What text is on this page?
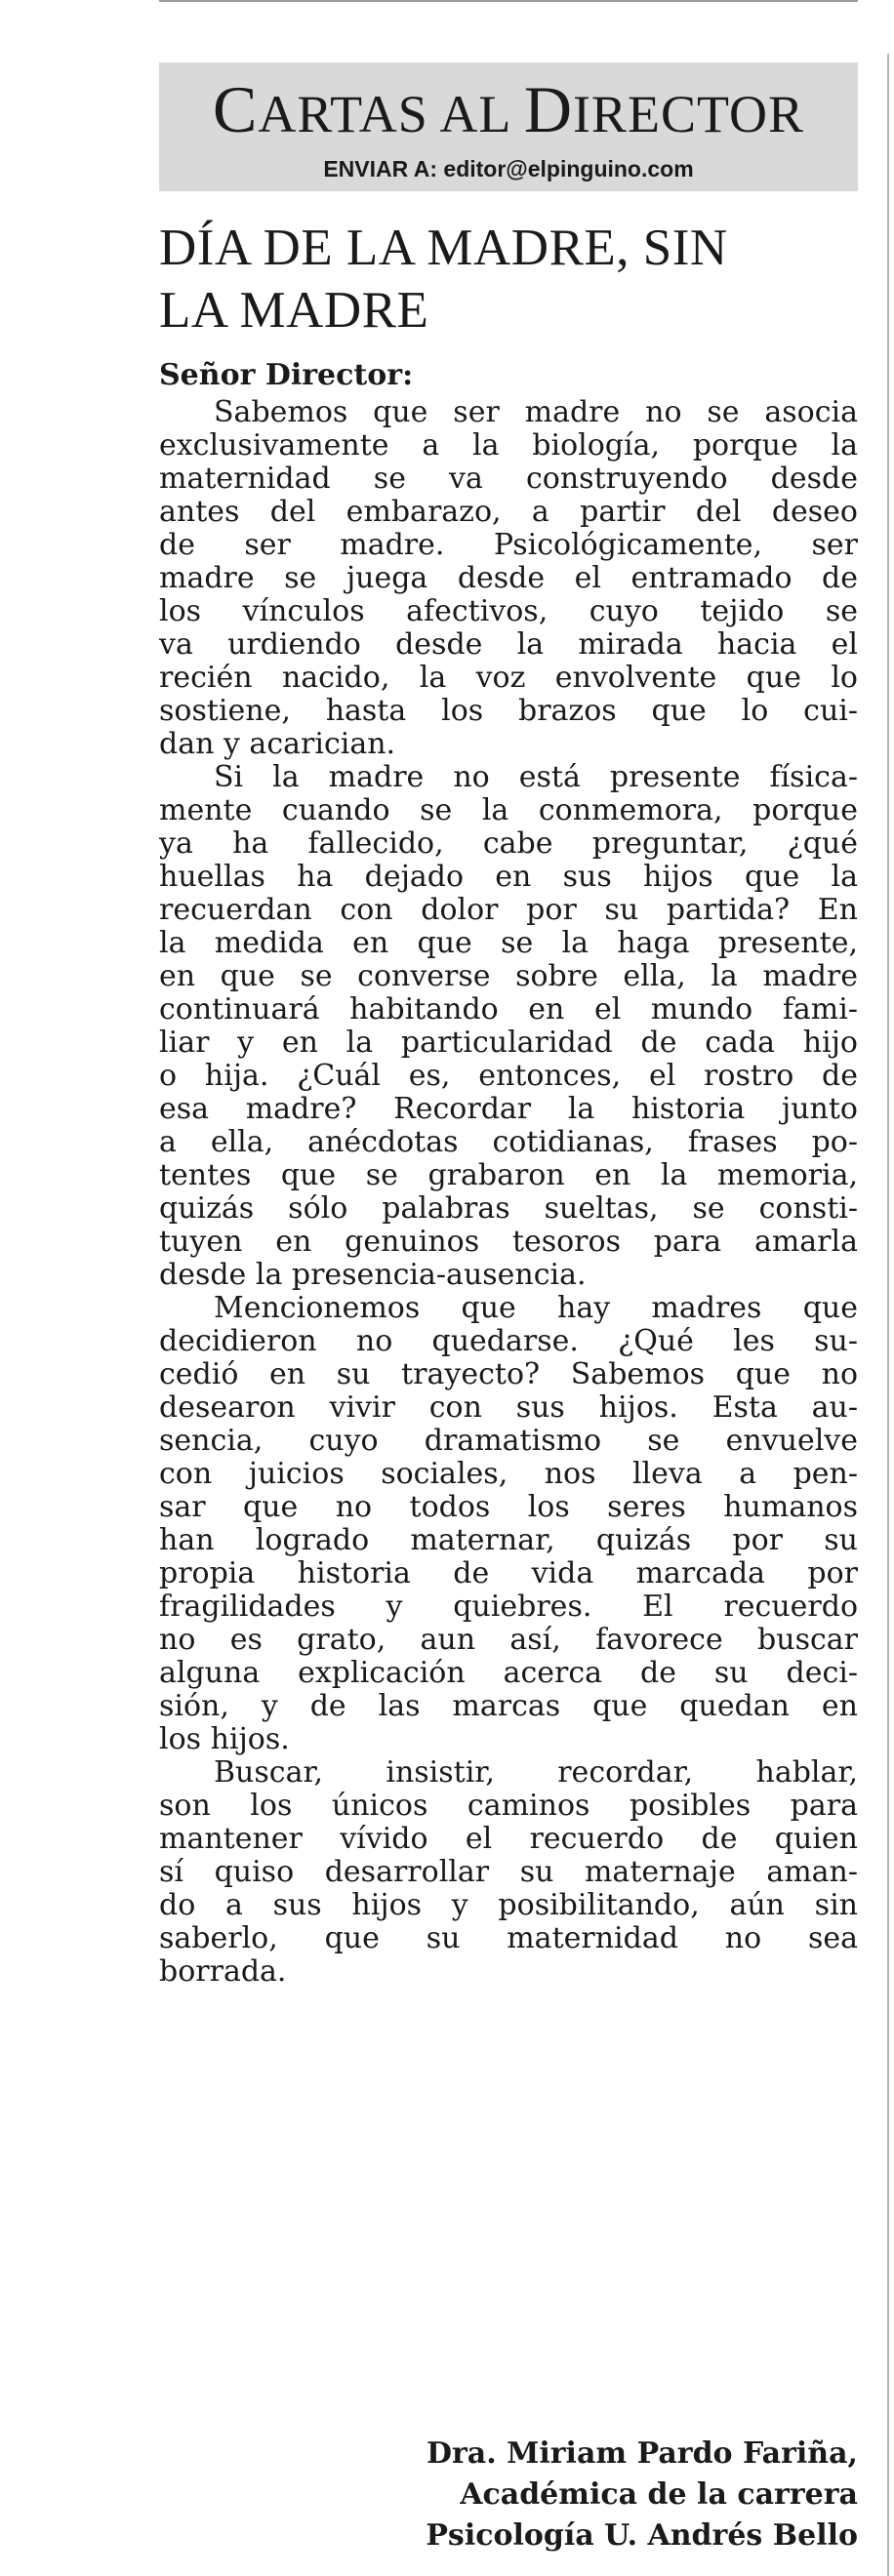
CARTAS AL DIRECTOR
ENVIAR A: editor@elpinguino.com
DÍA DE LA MADRE, SIN
LA MADRE
Señor Director:

Sabemos que ser madre no se asocia
exclusivamente a la biología, porque la
maternidad se va construyendo desde
antes del embarazo, a partir del deseo
de ser madre. Psicológicamente, ser
madre se juega desde el entramado de
los vínculos afectivos, cuyo tejido se
va urdiendo desde la mirada hacia el
recién nacido, la voz envolvente que lo
sostiene, hasta los brazos que lo cui-
dan y acarician.

Si la madre no está presente física-
mente cuando se la conmemora, porque
ya ha fallecido, cabe preguntar, ¿qué
huellas ha dejado en sus hijos que la
recuerdan con dolor por su partida? En
la medida en que se la haga presente,
en que se converse sobre ella, la madre
continuará habitando en el mundo fami-
liar y en la particularidad de cada hijo
o hija. ¿Cuál es, entonces, el rostro de
esa madre? Recordar la historia junto
a ella, anécdotas cotidianas, frases po-
tentes que se grabaron en la memoria,
quizás sólo palabras sueltas, se consti-
tuyen en genuinos tesoros para amarla
desde la presencia-ausencia.

Mencionemos que hay madres que
decidieron no quedarse. ¿Qué les su-
cedió en su trayecto? Sabemos que no
desearon vivir con sus hijos. Esta au-
sencia, cuyo dramatismo se envuelve
con juicios sociales, nos lleva a pen-
sar que no todos los seres humanos
han logrado maternar, quizás por su
propia historia de vida marcada por
fragilidades y quiebres. El recuerdo
no es grato, aun así, favorece buscar
alguna explicación acerca de su deci-
sión, y de las marcas que quedan en
los hijos.

Buscar, insistir, recordar, hablar,
son los únicos caminos posibles para
mantener vívido el recuerdo de quien
sí quiso desarrollar su maternaje aman-
do a sus hijos y posibilitando, aún sin
saberlo, que su maternidad no sea
borrada.

Dra. Miriam Pardo Fariña,
Académica de la carrera
Psicología U. Andrés Bello
